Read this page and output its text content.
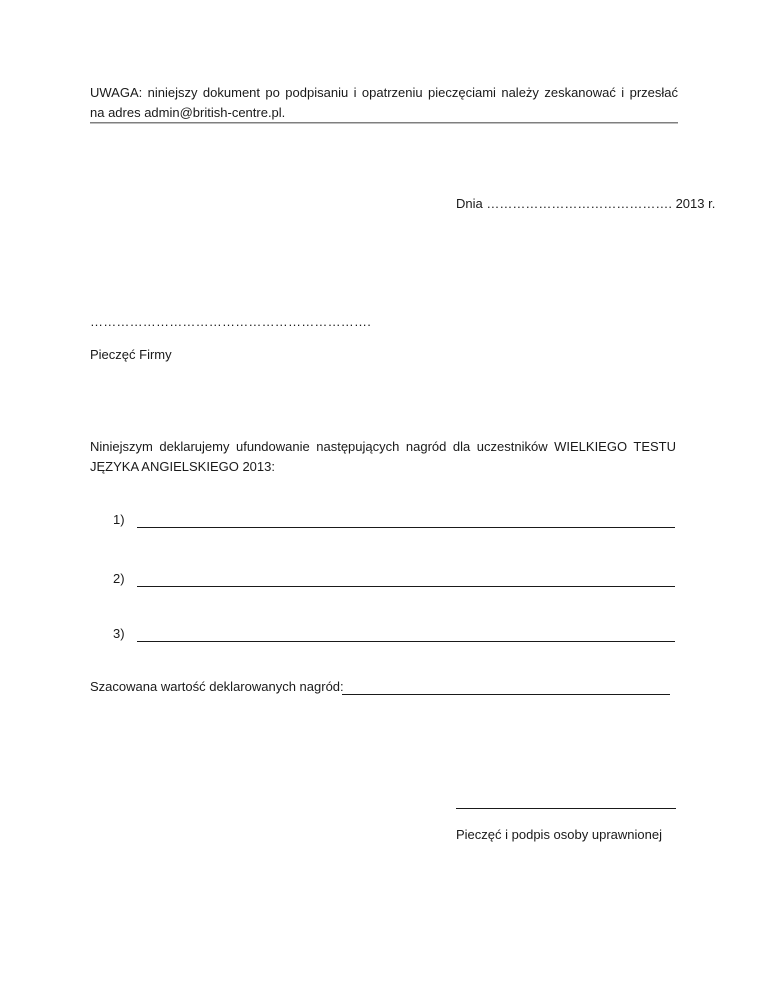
UWAGA: niniejszy dokument po podpisaniu i opatrzeniu pieczęciami należy zeskanować i przesłać
na adres admin@british-centre.pl.
Dnia ……………………………………. 2013 r.
……………………………………………………….
Pieczęć Firmy
Niniejszym deklarujemy ufundowanie następujących nagród dla uczestników WIELKIEGO TESTU
JĘZYKA ANGIELSKIEGO 2013:
1)
2)
3)
Szacowana wartość deklarowanych nagród:
Pieczęć i podpis osoby uprawnionej
